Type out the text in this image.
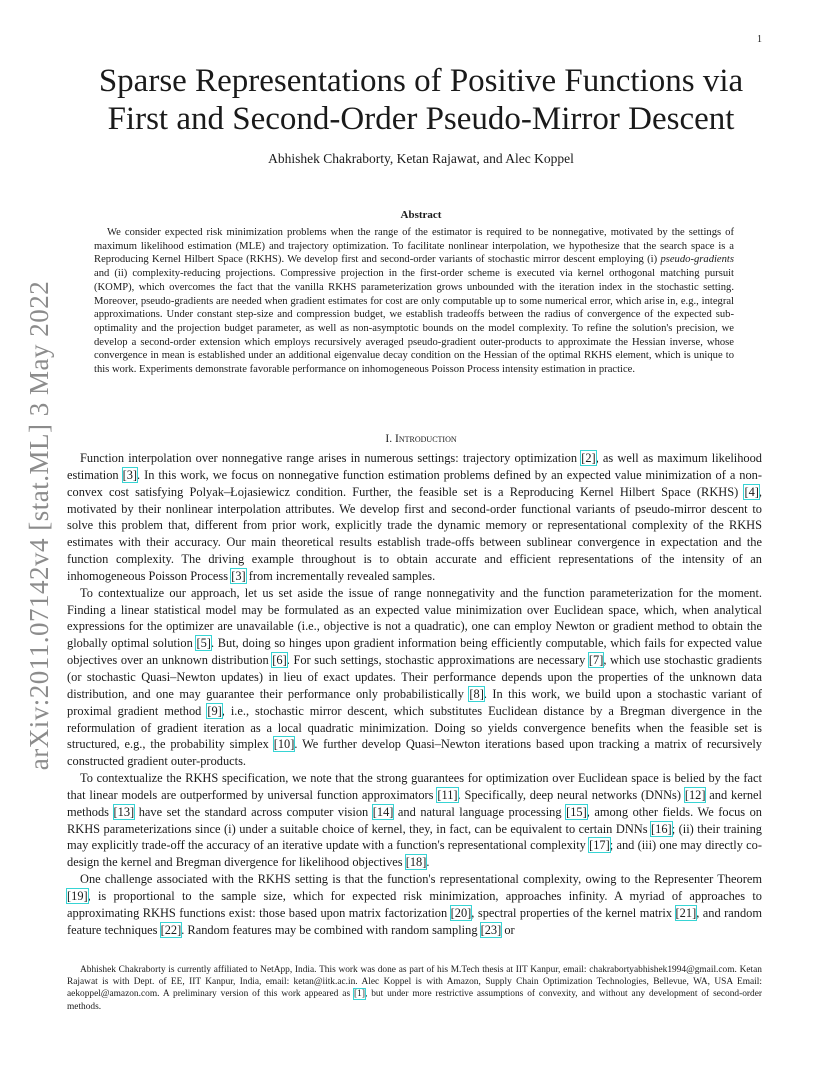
1
arXiv:2011.07142v4 [stat.ML] 3 May 2022
Sparse Representations of Positive Functions via
First and Second-Order Pseudo-Mirror Descent
Abhishek Chakraborty, Ketan Rajawat, and Alec Koppel
Abstract

We consider expected risk minimization problems when the range of the estimator is required to be nonnegative, motivated by the settings of maximum likelihood estimation (MLE) and trajectory optimization. To facilitate nonlinear interpolation, we hypothesize that the search space is a Reproducing Kernel Hilbert Space (RKHS). We develop first and second-order variants of stochastic mirror descent employing (i) pseudo-gradients and (ii) complexity-reducing projections. Compressive projection in the first-order scheme is executed via kernel orthogonal matching pursuit (KOMP), which overcomes the fact that the vanilla RKHS parameterization grows unbounded with the iteration index in the stochastic setting. Moreover, pseudo-gradients are needed when gradient estimates for cost are only computable up to some numerical error, which arise in, e.g., integral approximations. Under constant step-size and compression budget, we establish tradeoffs between the radius of convergence of the expected sub-optimality and the projection budget parameter, as well as non-asymptotic bounds on the model complexity. To refine the solution's precision, we develop a second-order extension which employs recursively averaged pseudo-gradient outer-products to approximate the Hessian inverse, whose convergence in mean is established under an additional eigenvalue decay condition on the Hessian of the optimal RKHS element, which is unique to this work. Experiments demonstrate favorable performance on inhomogeneous Poisson Process intensity estimation in practice.

I. Introduction

Function interpolation over nonnegative range arises in numerous settings: trajectory optimization [2], as well as maximum likelihood estimation [3]. In this work, we focus on nonnegative function estimation problems defined by an expected value minimization of a non-convex cost satisfying Polyak–Łojasiewicz condition. Further, the feasible set is a Reproducing Kernel Hilbert Space (RKHS) [4], motivated by their nonlinear interpolation attributes. We develop first and second-order functional variants of pseudo-mirror descent to solve this problem that, different from prior work, explicitly trade the dynamic memory or representational complexity of the RKHS estimates with their accuracy. Our main theoretical results establish trade-offs between sublinear convergence in expectation and the function complexity. The driving example throughout is to obtain accurate and efficient representations of the intensity of an inhomogeneous Poisson Process [3] from incrementally revealed samples.

To contextualize our approach, let us set aside the issue of range nonnegativity and the function parameterization for the moment. Finding a linear statistical model may be formulated as an expected value minimization over Euclidean space, which, when analytical expressions for the optimizer are unavailable (i.e., objective is not a quadratic), one can employ Newton or gradient method to obtain the globally optimal solution [5]. But, doing so hinges upon gradient information being efficiently computable, which fails for expected value objectives over an unknown distribution [6]. For such settings, stochastic approximations are necessary [7], which use stochastic gradients (or stochastic Quasi–Newton updates) in lieu of exact updates. Their performance depends upon the properties of the unknown data distribution, and one may guarantee their performance only probabilistically [8]. In this work, we build upon a stochastic variant of proximal gradient method [9], i.e., stochastic mirror descent, which substitutes Euclidean distance by a Bregman divergence in the reformulation of gradient iteration as a local quadratic minimization. Doing so yields convergence benefits when the feasible set is structured, e.g., the probability simplex [10]. We further develop Quasi–Newton iterations based upon tracking a matrix of recursively constructed gradient outer-products.

To contextualize the RKHS specification, we note that the strong guarantees for optimization over Euclidean space is belied by the fact that linear models are outperformed by universal function approximators [11]. Specifically, deep neural networks (DNNs) [12] and kernel methods [13] have set the standard across computer vision [14] and natural language processing [15], among other fields. We focus on RKHS parameterizations since (i) under a suitable choice of kernel, they, in fact, can be equivalent to certain DNNs [16]; (ii) their training may explicitly trade-off the accuracy of an iterative update with a function's representational complexity [17]; and (iii) one may directly co-design the kernel and Bregman divergence for likelihood objectives [18].

One challenge associated with the RKHS setting is that the function's representational complexity, owing to the Representer Theorem [19], is proportional to the sample size, which for expected risk minimization, approaches infinity. A myriad of approaches to approximating RKHS functions exist: those based upon matrix factorization [20], spectral properties of the kernel matrix [21], and random feature techniques [22]. Random features may be combined with random sampling [23] or

Abhishek Chakraborty is currently affiliated to NetApp, India. This work was done as part of his M.Tech thesis at IIT Kanpur, email: chakrabortyabhishek1994@gmail.com. Ketan Rajawat is with Dept. of EE, IIT Kanpur, India, email: ketan@iitk.ac.in. Alec Koppel is with Amazon, Supply Chain Optimization Technologies, Bellevue, WA, USA Email: aekoppel@amazon.com. A preliminary version of this work appeared as [1], but under more restrictive assumptions of convexity, and without any development of second-order methods.
